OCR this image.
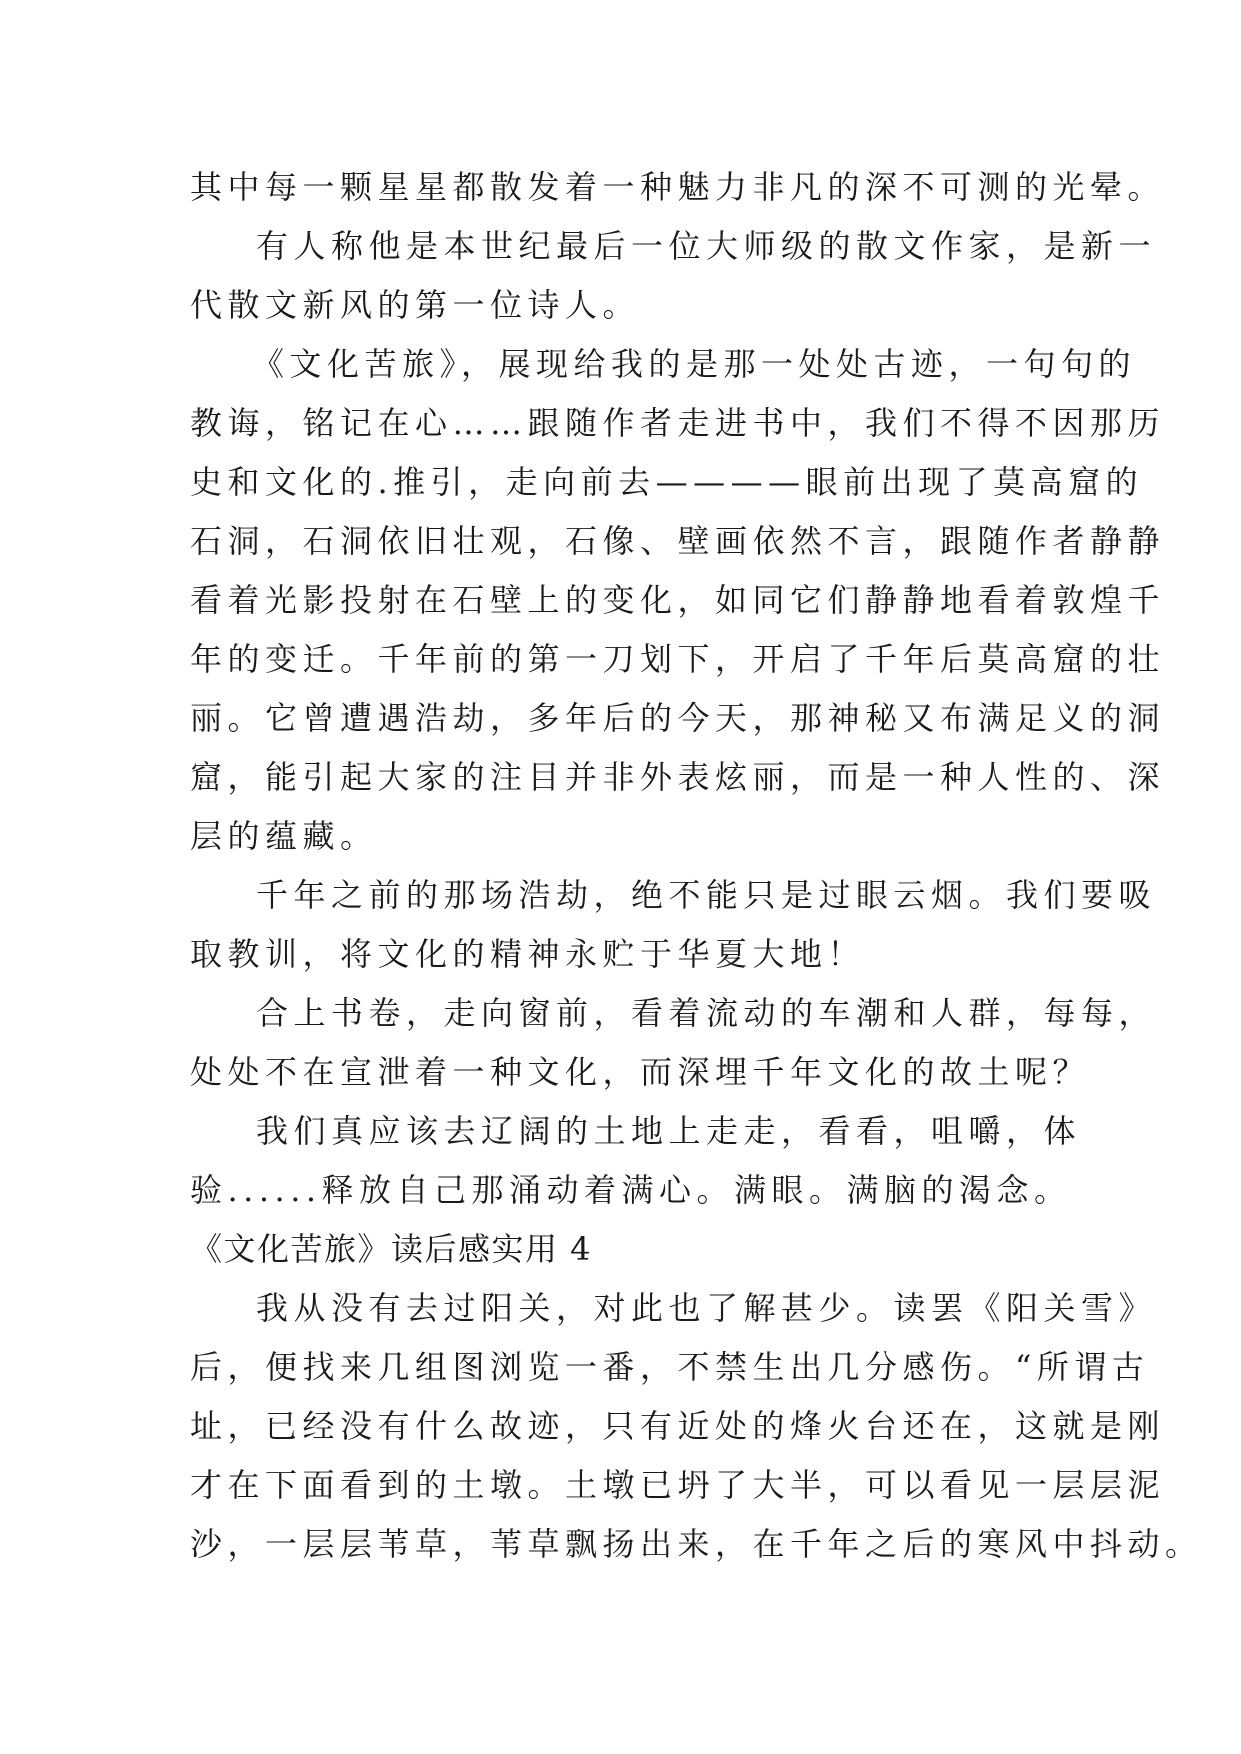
其中每一颗星星都散发着一种魅力非凡的深不可测的光晕。
有人称他是本世纪最后一位大师级的散文作家，是新一
代散文新风的第一位诗人。
《文化苦旅》，展现给我的是那一处处古迹，一句句的
教诲，铭记在心……跟随作者走进书中，我们不得不因那历
史和文化的.推引，走向前去————眼前出现了莫高窟的
石洞，石洞依旧壮观，石像、壁画依然不言，跟随作者静静
看着光影投射在石壁上的变化，如同它们静静地看着敦煌千
年的变迁。千年前的第一刀划下，开启了千年后莫高窟的壮
丽。它曾遭遇浩劫，多年后的今天，那神秘又布满足义的洞
窟，能引起大家的注目并非外表炫丽，而是一种人性的、深
层的蕴藏。
千年之前的那场浩劫，绝不能只是过眼云烟。我们要吸
取教训，将文化的精神永贮于华夏大地！
合上书卷，走向窗前，看着流动的车潮和人群，每每，
处处不在宣泄着一种文化，而深埋千年文化的故土呢？
我们真应该去辽阔的土地上走走，看看，咀嚼，体
验......释放自己那涌动着满心。满眼。满脑的渴念。
《文化苦旅》读后感实用 4
我从没有去过阳关，对此也了解甚少。读罢《阳关雪》
后，便找来几组图浏览一番，不禁生出几分感伤。“所谓古
址，已经没有什么故迹，只有近处的烽火台还在，这就是刚
才在下面看到的土墩。土墩已坍了大半，可以看见一层层泥
沙，一层层苇草，苇草飘扬出来，在千年之后的寒风中抖动。
